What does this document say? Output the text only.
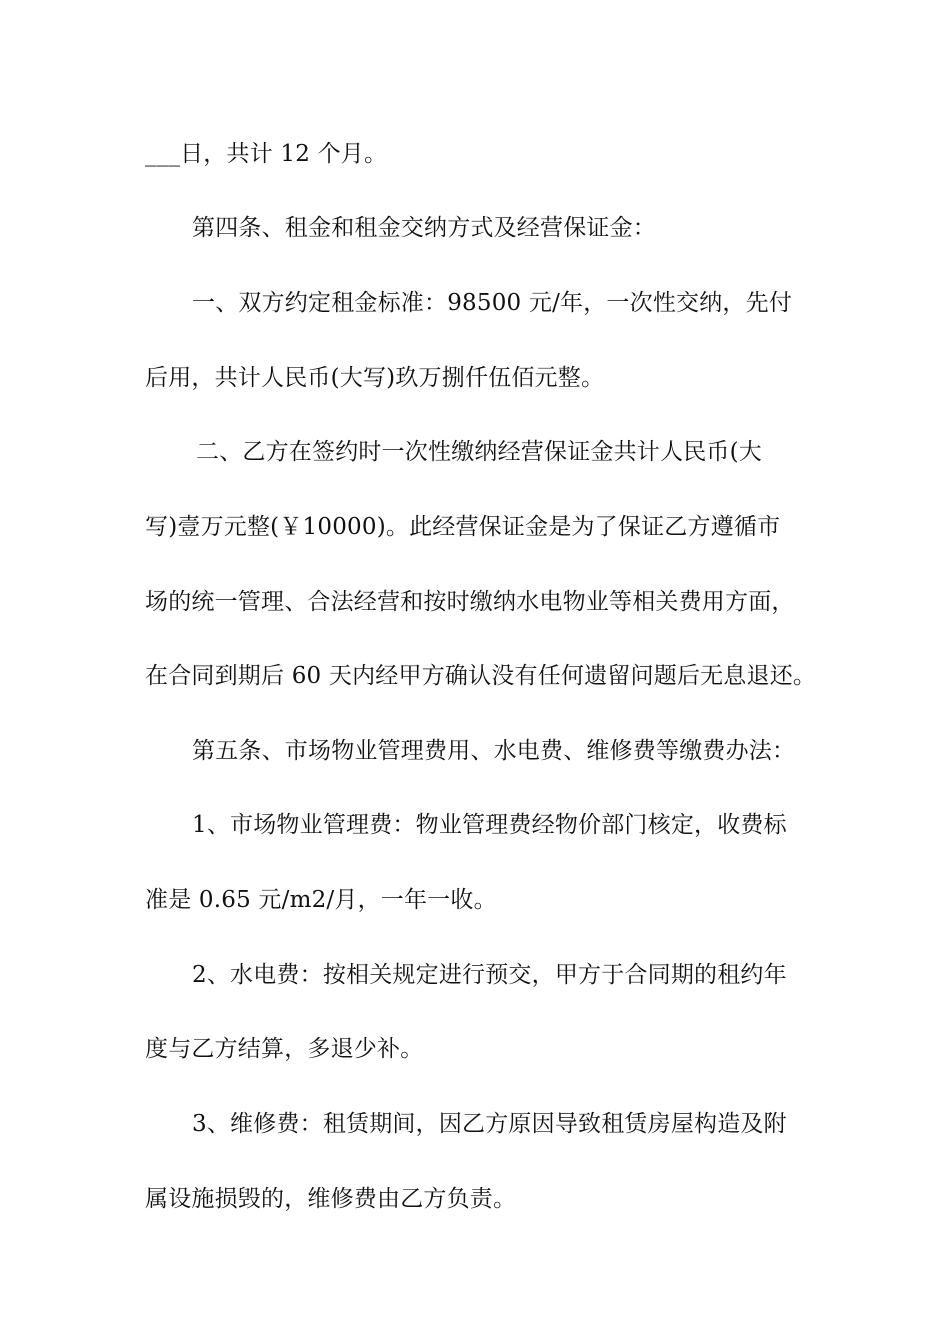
___日，共计 12 个月。
第四条、租金和租金交纳方式及经营保证金：
一、双方约定租金标准：98500 元/年，一次性交纳，先付
后用，共计人民币(大写)玖万捌仟伍佰元整。
二、乙方在签约时一次性缴纳经营保证金共计人民币(大
写)壹万元整(￥10000)。此经营保证金是为了保证乙方遵循市
场的统一管理、合法经营和按时缴纳水电物业等相关费用方面，
在合同到期后 60 天内经甲方确认没有任何遗留问题后无息退还。
第五条、市场物业管理费用、水电费、维修费等缴费办法：
1、市场物业管理费：物业管理费经物价部门核定，收费标
准是 0.65 元/m2/月，一年一收。
2、水电费：按相关规定进行预交，甲方于合同期的租约年
度与乙方结算，多退少补。
3、维修费：租赁期间，因乙方原因导致租赁房屋构造及附
属设施损毁的，维修费由乙方负责。
